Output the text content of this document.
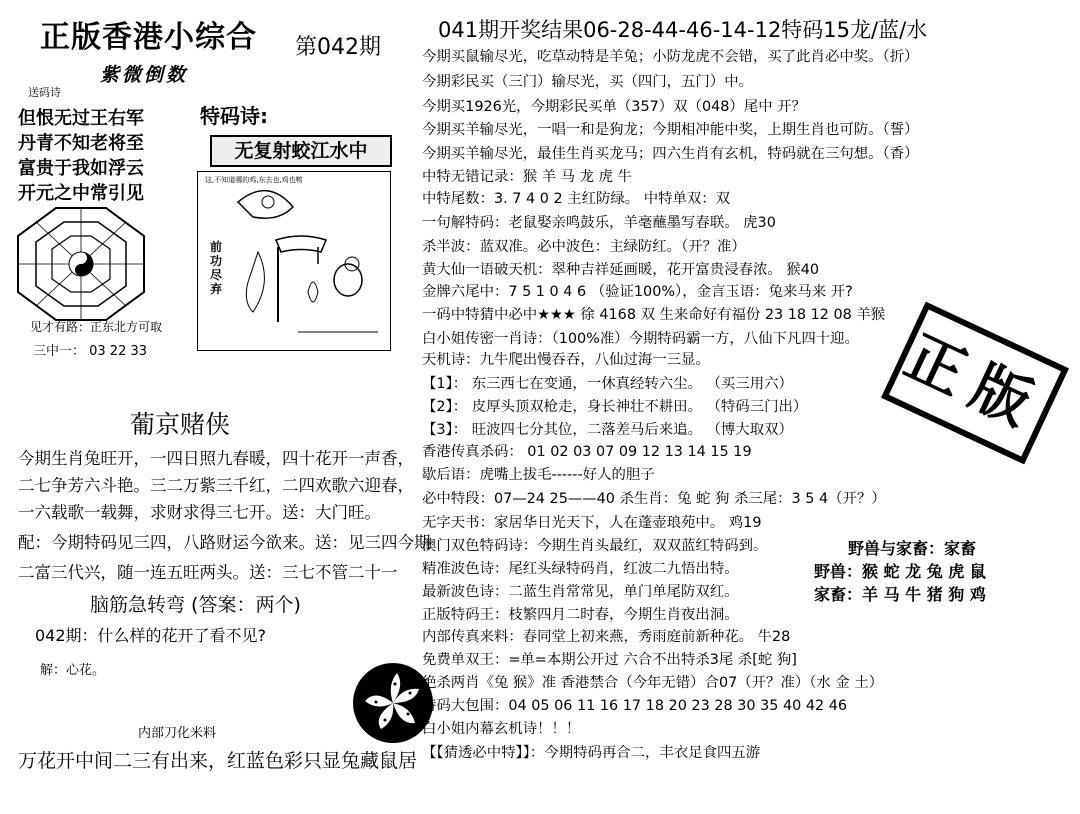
正版香港小综合
紫微倒数
第042期
送码诗
但恨无过王右军
丹青不知老将至
富贵于我如浮云
开元之中常引见
特码诗:
无复射蛟江水中
这,不知道哪的鸡,东去也,鸡也鸭
前功尽弃
见才有路：正东北方可取
三中一： 03 22 33
葡京赌侠
今期生肖兔旺开，一四日照九春暖，四十花开一声香，
二七争芳六斗艳。三二万紫三千红，二四欢歌六迎春，
一六载歌一载舞，求财求得三七开。送：大门旺。
配：今期特码见三四，八路财运今欲来。送：见三四今期
二富三代兴，随一连五旺两头。送：三七不管二十一
脑筋急转弯 (答案：两个)
042期：什么样的花开了看不见?
解：心花。
内部刀化米料
万花开中间二三有出来，红蓝色彩只显兔藏鼠居
041期开奖结果06-28-44-46-14-12特码15龙/蓝/水
今期买鼠输尽光，吃草动特是羊兔；小防龙虎不会错，买了此肖必中奖。（折）
今期彩民买（三门）输尽光，买（四门，五门）中。
今期买1926光，今期彩民买单（357）双（048）尾中 开？
今期买羊输尽光，一唱一和是狗龙；今期相冲能中奖，上期生肖也可防。（誓）
今期买羊输尽光，最佳生肖买龙马；四六生肖有玄机，特码就在三句想。（香）
中特无错记录：猴 羊 马 龙 虎 牛
中特尾数：3. 7 4 0 2 主红防绿。 中特单双：双
一句解特码：老鼠娶亲鸣鼓乐，羊毫蘸墨写春联。 虎30
杀半波：蓝双准。必中波色：主绿防红。（开？准）
黄大仙一语破天机：翠种吉祥延画暖，花开富贵浸春浓。 猴40
金牌六尾中：7 5 1 0 4 6 （验证100%），金言玉语：兔来马来 开?
一码中特猜中必中★★★ 徐 4168 双 生来命好有福份 23 18 12 08 羊猴
白小姐传密一肖诗：（100%准）今期特码霸一方，八仙下凡四十迎。
天机诗：九牛爬出慢吞吞，八仙过海一三显。
【1】： 东三西七在变通，一休真经转六尘。 （买三用六）
【2】： 皮厚头顶双枪走，身长神壮不耕田。 （特码三门出）
【3】： 旺波四七分其位，二落差马后来追。 （博大取双）
香港传真杀码： 01 02 03 07 09 12 13 14 15 19
歇后语：虎嘴上拔毛------好人的胆子
必中特段：07—24 25——40 杀生肖：兔 蛇 狗 杀三尾：3 5 4（开？）
无字天书：家居华日光天下，人在蓬壶琅苑中。 鸡19
澳门双色特码诗：今期生肖头最红，双双蓝红特码到。
精准波色诗：尾红头绿特码肖，红波二九悟出特。
最新波色诗：二蓝生肖常常见，单门单尾防双红。
正版特码王：枝繁四月二时春，今期生肖夜出洞。
内部传真来料：春同堂上初来燕，秀雨庭前新种花。 牛28
免费单双王：=单=本期公开过 六合不出特杀3尾 杀[蛇 狗]
绝杀两肖《兔 猴》准 香港禁合（今年无错）合07（开？准）（水 金 土）
特码大包围：04 05 06 11 16 17 18 20 23 28 30 35 40 42 46
白小姐内幕玄机诗！！！
【【猜透必中特】】：今期特码再合二，丰衣足食四五游
野兽与家畜：家畜
野兽：猴 蛇 龙 兔 虎 鼠
家畜：羊 马 牛 猪 狗 鸡
正版
